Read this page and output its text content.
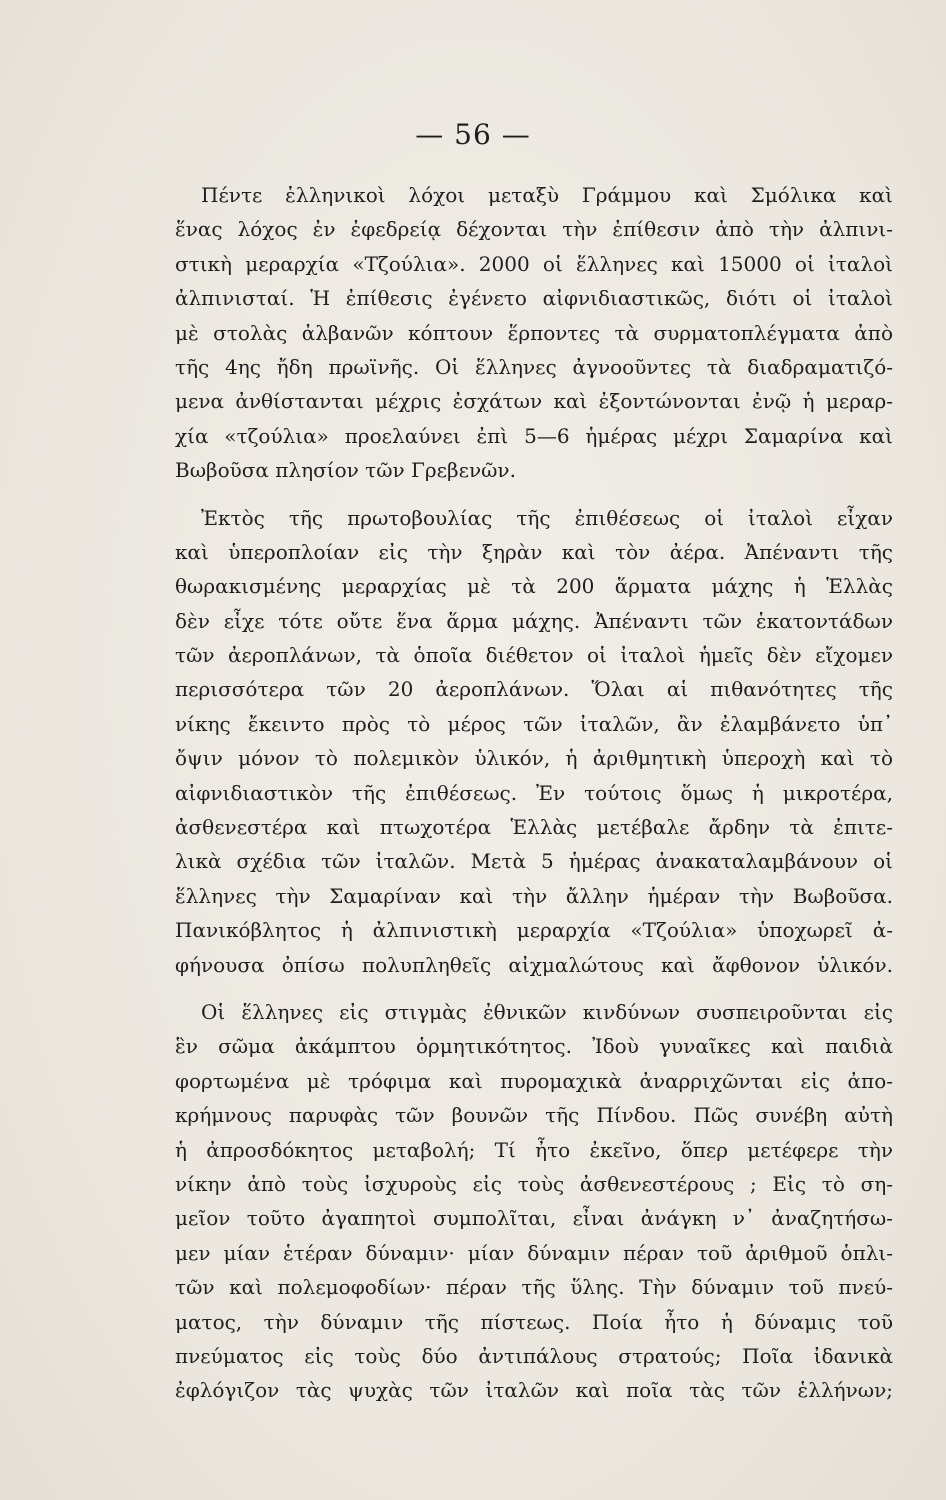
— 56 —
Πέντε ἑλληνικοὶ λόχοι μεταξὺ Γράμμου καὶ Σμόλικα καὶ
ἕνας λόχος ἐν ἐφεδρείᾳ δέχονται τὴν ἐπίθεσιν ἀπὸ τὴν ἀλπινι-
στικὴ μεραρχία «Τζούλια». 2000 οἱ ἕλληνες καὶ 15000 οἱ ἰταλοὶ
ἀλπινισταί. Ἡ ἐπίθεσις ἐγένετο αἰφνιδιαστικῶς, διότι οἱ ἰταλοὶ
μὲ στολὰς ἀλβανῶν κόπτουν ἕρποντες τὰ συρματοπλέγματα ἀπὸ
τῆς 4ης ἤδη πρωϊνῆς. Οἱ ἕλληνες ἀγνοοῦντες τὰ διαδραματιζό-
μενα ἀνθίστανται μέχρις ἐσχάτων καὶ ἐξοντώνονται ἐνῷ ἡ μεραρ-
χία «τζούλια» προελαύνει ἐπὶ 5—6 ἡμέρας μέχρι Σαμαρίνα καὶ
Βωβοῦσα πλησίον τῶν Γρεβενῶν.
Ἐκτὸς τῆς πρωτοβουλίας τῆς ἐπιθέσεως οἱ ἰταλοὶ εἶχαν
καὶ ὑπεροπλοίαν εἰς τὴν ξηρὰν καὶ τὸν ἀέρα. Ἀπέναντι τῆς
θωρακισμένης μεραρχίας μὲ τὰ 200 ἅρματα μάχης ἡ Ἑλλὰς
δὲν εἶχε τότε οὔτε ἕνα ἅρμα μάχης. Ἀπέναντι τῶν ἑκατοντάδων
τῶν ἀεροπλάνων, τὰ ὁποῖα διέθετον οἱ ἰταλοὶ ἡμεῖς δὲν εἴχομεν
περισσότερα τῶν 20 ἀεροπλάνων. Ὅλαι αἱ πιθανότητες τῆς
νίκης ἔκειντο πρὸς τὸ μέρος τῶν ἰταλῶν, ἂν ἐλαμβάνετο ὑπ᾽
ὄψιν μόνον τὸ πολεμικὸν ὑλικόν, ἡ ἀριθμητικὴ ὑπεροχὴ καὶ τὸ
αἰφνιδιαστικὸν τῆς ἐπιθέσεως. Ἐν τούτοις ὅμως ἡ μικροτέρα,
ἀσθενεστέρα καὶ πτωχοτέρα Ἑλλὰς μετέβαλε ἄρδην τὰ ἐπιτε-
λικὰ σχέδια τῶν ἰταλῶν. Μετὰ 5 ἡμέρας ἀνακαταλαμβάνουν οἱ
ἕλληνες τὴν Σαμαρίναν καὶ τὴν ἄλλην ἡμέραν τὴν Βωβοῦσα.
Πανικόβλητος ἡ ἀλπινιστικὴ μεραρχία «Τζούλια» ὑποχωρεῖ ἀ-
φήνουσα ὀπίσω πολυπληθεῖς αἰχμαλώτους καὶ ἄφθονον ὑλικόν.
Οἱ ἕλληνες εἰς στιγμὰς ἐθνικῶν κινδύνων συσπειροῦνται εἰς
ἓν σῶμα ἀκάμπτου ὁρμητικότητος. Ἰδοὺ γυναῖκες καὶ παιδιὰ
φορτωμένα μὲ τρόφιμα καὶ πυρομαχικὰ ἀναρριχῶνται εἰς ἀπο-
κρήμνους παρυφὰς τῶν βουνῶν τῆς Πίνδου. Πῶς συνέβη αὐτὴ
ἡ ἀπροσδόκητος μεταβολή; Τί ἦτο ἐκεῖνο, ὅπερ μετέφερε τὴν
νίκην ἀπὸ τοὺς ἰσχυροὺς εἰς τοὺς ἀσθενεστέρους ; Εἰς τὸ ση-
μεῖον τοῦτο ἀγαπητοὶ συμπολῖται, εἶναι ἀνάγκη ν᾽ ἀναζητήσω-
μεν μίαν ἑτέραν δύναμιν· μίαν δύναμιν πέραν τοῦ ἀριθμοῦ ὁπλι-
τῶν καὶ πολεμοφοδίων· πέραν τῆς ὕλης. Τὴν δύναμιν τοῦ πνεύ-
ματος, τὴν δύναμιν τῆς πίστεως. Ποία ἦτο ἡ δύναμις τοῦ
πνεύματος εἰς τοὺς δύο ἀντιπάλους στρατούς; Ποῖα ἰδανικὰ
ἐφλόγιζον τὰς ψυχὰς τῶν ἰταλῶν καὶ ποῖα τὰς τῶν ἑλλήνων;
